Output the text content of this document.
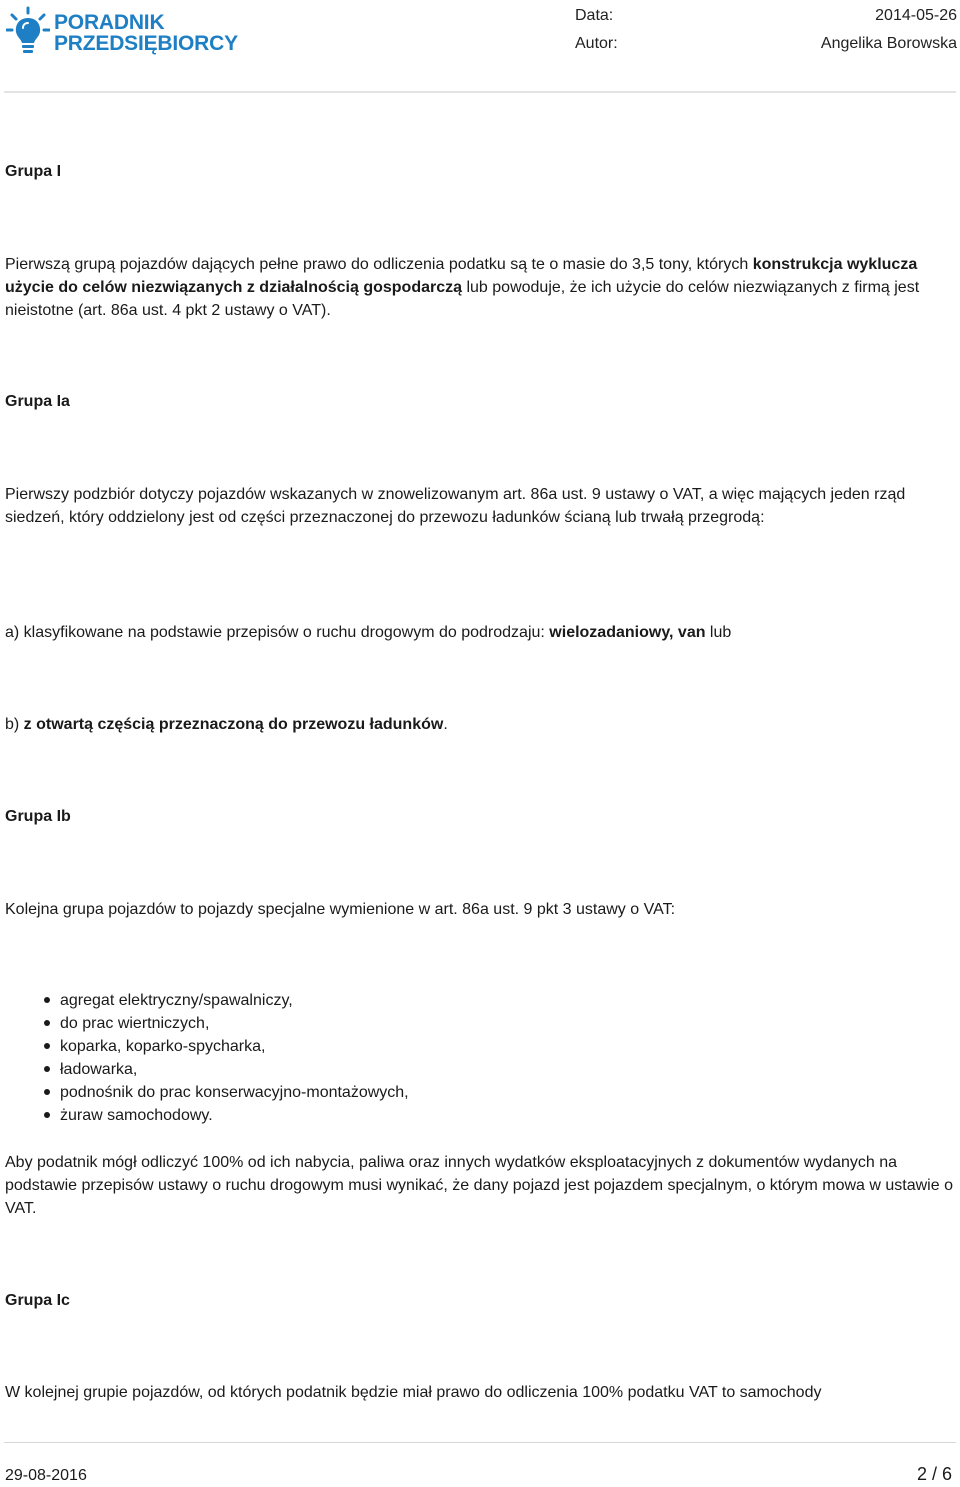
PORADNIK
PRZEDSIĘBIORCY
Data:	2014-05-26
Autor:	Angelika Borowska
Grupa I

Pierwszą grupą pojazdów dających pełne prawo do odliczenia podatku są te o masie do 3,5 tony, których konstrukcja wyklucza użycie do celów niezwiązanych z działalnością gospodarczą lub powoduje, że ich użycie do celów niezwiązanych z firmą jest nieistotne (art. 86a ust. 4 pkt 2 ustawy o VAT).

Grupa Ia

Pierwszy podzbiór dotyczy pojazdów wskazanych w znowelizowanym art. 86a ust. 9 ustawy o VAT, a więc mających jeden rząd siedzeń, który oddzielony jest od części przeznaczonej do przewozu ładunków ścianą lub trwałą przegrodą:

a) klasyfikowane na podstawie przepisów o ruchu drogowym do podrodzaju: wielozadaniowy, van lub

b) z otwartą częścią przeznaczoną do przewozu ładunków.

Grupa Ib

Kolejna grupa pojazdów to pojazdy specjalne wymienione w art. 86a ust. 9 pkt 3 ustawy o VAT:

agregat elektryczny/spawalniczy,
do prac wiertniczych,
koparka, koparko-spycharka,
ładowarka,
podnośnik do prac konserwacyjno-montażowych,
żuraw samochodowy.

Aby podatnik mógł odliczyć 100% od ich nabycia, paliwa oraz innych wydatków eksploatacyjnych z dokumentów wydanych na podstawie przepisów ustawy o ruchu drogowym musi wynikać, że dany pojazd jest pojazdem specjalnym, o którym mowa w ustawie o VAT.

Grupa Ic

W kolejnej grupie pojazdów, od których podatnik będzie miał prawo do odliczenia 100% podatku VAT to samochody

29-08-2016	2 / 6
